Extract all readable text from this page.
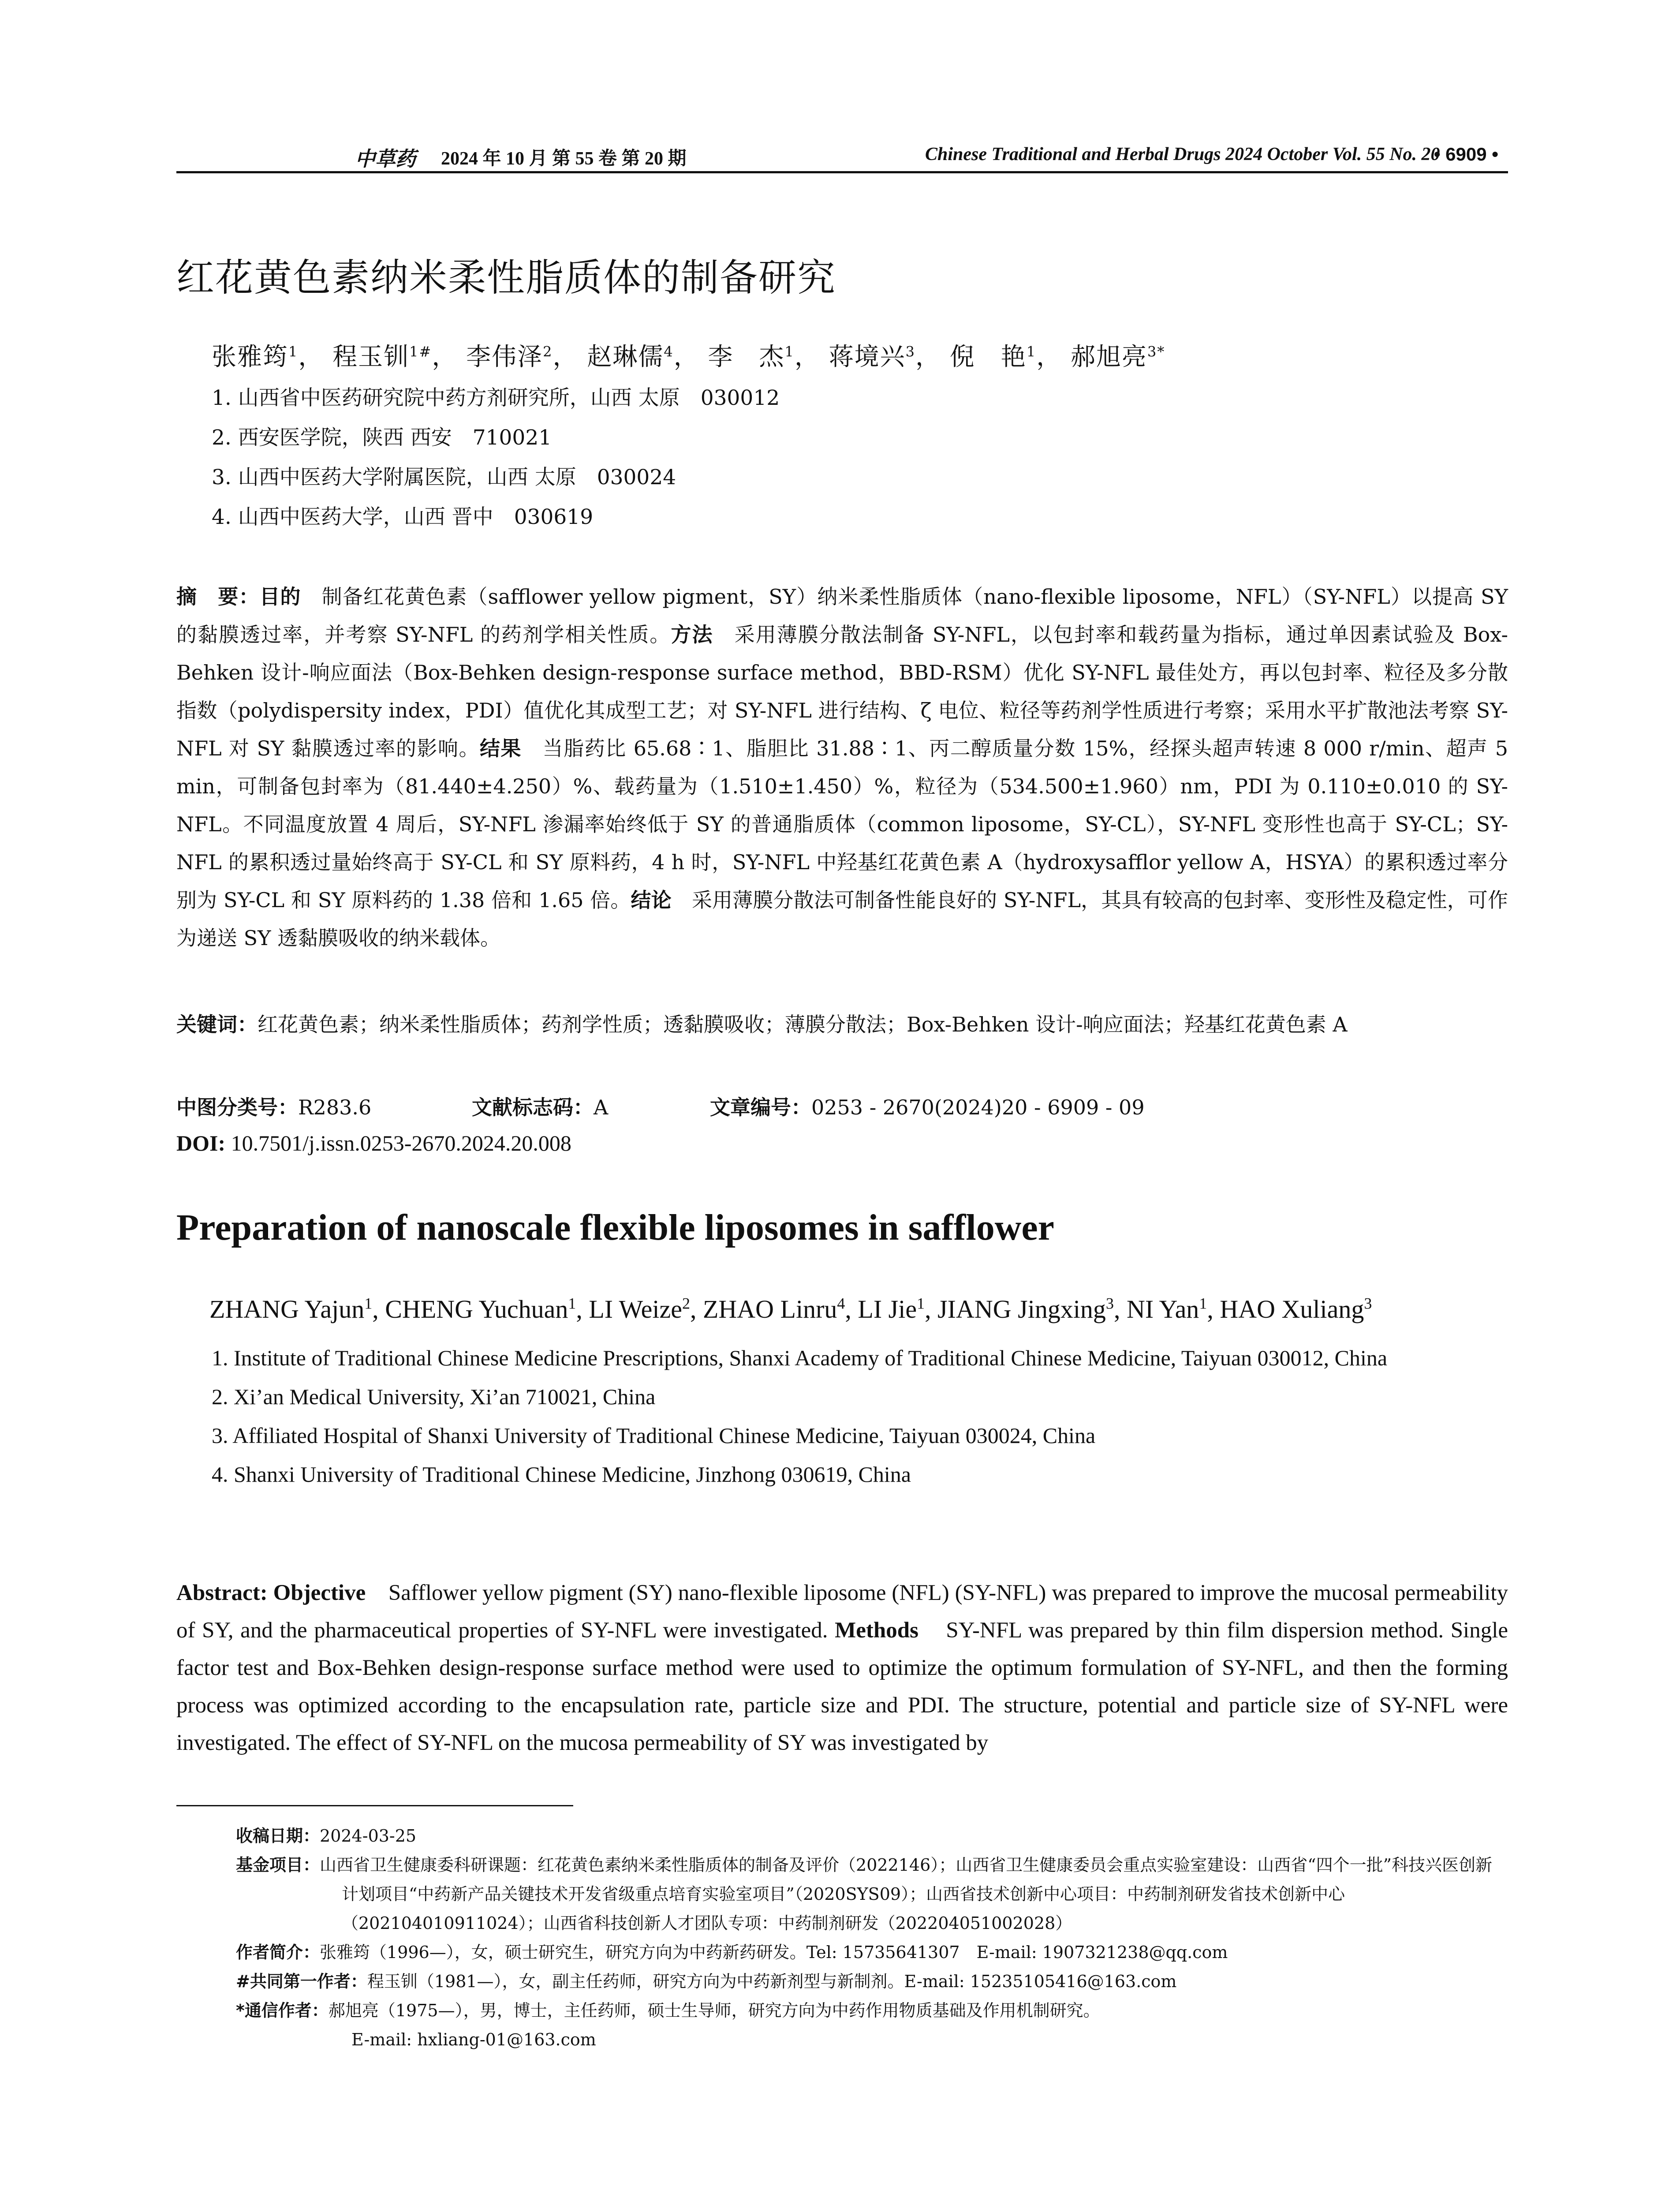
中草药 2024 年 10 月 第 55 卷 第 20 期	Chinese Traditional and Herbal Drugs 2024 October Vol. 55 No. 20
• 6909 •
红花黄色素纳米柔性脂质体的制备研究
张雅筠$^1$， 程玉钏$^{1\#}$， 李伟泽$^2$， 赵琳儒$^4$， 李　杰$^1$， 蒋境兴$^3$， 倪　艳$^1$， 郝旭亮$^{3*}$
1. 山西省中医药研究院中药方剂研究所，山西 太原　030012
2. 西安医学院，陕西 西安　710021
3. 山西中医药大学附属医院，山西 太原　030024
4. 山西中医药大学，山西 晋中　030619
摘　要：目的　 制备红花黄色素（safflower yellow pigment，SY）纳米柔性脂质体（nano-flexible liposome，NFL）（SY-NFL）以提高 SY 的黏膜透过率，并考察 SY-NFL 的药剂学相关性质。方法　 采用薄膜分散法制备 SY-NFL，以包封率和载药量为指标，通过单因素试验及 Box-Behken 设计-响应面法（Box-Behken design-response surface method，BBD-RSM）优化 SY-NFL 最佳处方，再以包封率、粒径及多分散指数（polydispersity index，PDI）值优化其成型工艺；对 SY-NFL 进行结构、ζ 电位、粒径等药剂学性质进行考察；采用水平扩散池法考察 SY-NFL 对 SY 黏膜透过率的影响。结果　 当脂药比 65.68∶1、脂胆比 31.88∶1、丙二醇质量分数 15%，经探头超声转速 8 000 r/min、超声 5 min，可制备包封率为（81.440±4.250）%、载药量为（1.510±1.450）%，粒径为（534.500±1.960）nm，PDI 为 0.110±0.010 的 SY-NFL。不同温度放置 4 周后，SY-NFL 渗漏率始终低于 SY 的普通脂质体（common liposome，SY-CL），SY-NFL 变形性也高于 SY-CL；SY-NFL 的累积透过量始终高于 SY-CL 和 SY 原料药，4 h 时，SY-NFL 中羟基红花黄色素 A（hydroxysafflor yellow A，HSYA）的累积透过率分别为 SY-CL 和 SY 原料药的 1.38 倍和 1.65 倍。结论　 采用薄膜分散法可制备性能良好的 SY-NFL，其具有较高的包封率、变形性及稳定性，可作为递送 SY 透黏膜吸收的纳米载体。
关键词：红花黄色素；纳米柔性脂质体；药剂学性质；透黏膜吸收；薄膜分散法；Box-Behken 设计-响应面法；羟基红花黄色素 A
中图分类号：R283.6	文献标志码：A	文章编号：0253 - 2670(2024)20 - 6909 - 09
DOI: 10.7501/j.issn.0253-2670.2024.20.008
Preparation of nanoscale flexible liposomes in safflower
ZHANG Yajun$^1$, CHENG Yuchuan$^1$, LI Weize$^2$, ZHAO Linru$^4$, LI Jie$^1$, JIANG Jingxing$^3$, NI Yan$^1$, HAO Xuliang$^3$
1. Institute of Traditional Chinese Medicine Prescriptions, Shanxi Academy of Traditional Chinese Medicine, Taiyuan 030012, China
2. Xi’an Medical University, Xi’an 710021, China
3. Affiliated Hospital of Shanxi University of Traditional Chinese Medicine, Taiyuan 030024, China
4. Shanxi University of Traditional Chinese Medicine, Jinzhong 030619, China
Abstract: Objective Safflower yellow pigment (SY) nano-flexible liposome (NFL) (SY-NFL) was prepared to improve the mucosal permeability of SY, and the pharmaceutical properties of SY-NFL were investigated. Methods SY-NFL was prepared by thin film dispersion method. Single factor test and Box-Behken design-response surface method were used to optimize the optimum formulation of SY-NFL, and then the forming process was optimized according to the encapsulation rate, particle size and PDI. The structure, potential and particle size of SY-NFL were investigated. The effect of SY-NFL on the mucosa permeability of SY was investigated by
收稿日期：2024-03-25
基金项目：山西省卫生健康委科研课题：红花黄色素纳米柔性脂质体的制备及评价（2022146）；山西省卫生健康委员会重点实验室建设：山西省“四个一批”科技兴医创新计划项目“中药新产品关键技术开发省级重点培育实验室项目”（2020SYS09）；山西省技术创新中心项目：中药制剂研发省技术创新中心（202104010911024）；山西省科技创新人才团队专项：中药制剂研发（202204051002028）
作者简介：张雅筠（1996—），女，硕士研究生，研究方向为中药新药研发。Tel: 15735641307　E-mail: 1907321238@qq.com
#共同第一作者：程玉钏（1981—），女，副主任药师，研究方向为中药新剂型与新制剂。E-mail: 15235105416@163.com
*通信作者：郝旭亮（1975—），男，博士，主任药师，硕士生导师，研究方向为中药作用物质基础及作用机制研究。
E-mail: hxliang-01@163.com
